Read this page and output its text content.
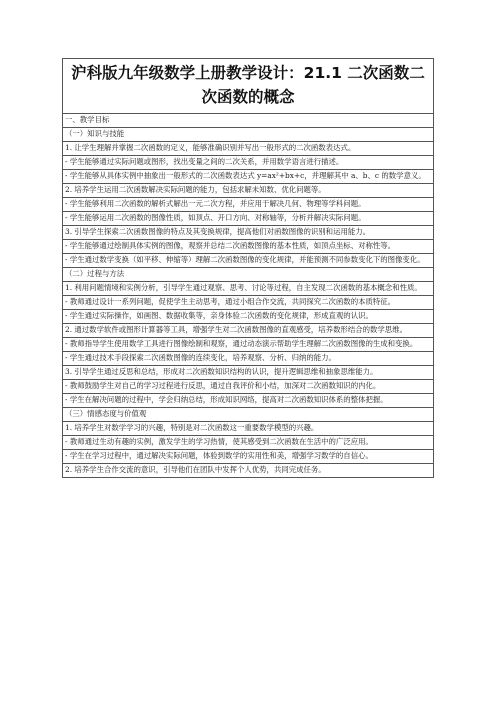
沪科版九年级数学上册教学设计：21.1 二次函数二次函数的概念
一、教学目标
（一）知识与技能
1. 让学生理解并掌握二次函数的定义，能够准确识别并写出一般形式的二次函数表达式。
- 学生能够通过实际问题或图形，找出变量之间的二次关系，并用数学语言进行描述。
- 学生能够从具体实例中抽象出一般形式的二次函数表达式 y=ax²+bx+c，并理解其中 a、b、c 的数学意义。
2. 培养学生运用二次函数解决实际问题的能力，包括求解未知数、优化问题等。
- 学生能够利用二次函数的解析式解出一元二次方程，并应用于解决几何、物理等学科问题。
- 学生能够运用二次函数的图像性质，如顶点、开口方向、对称轴等，分析并解决实际问题。
3. 引导学生探索二次函数图像的特点及其变换规律，提高他们对函数图像的识别和运用能力。
- 学生能够通过绘制具体实例的图像，观察并总结二次函数图像的基本性质，如顶点坐标、对称性等。
- 学生通过数学变换（如平移、伸缩等）理解二次函数图像的变化规律，并能预测不同参数变化下的图像变化。
（二）过程与方法
1. 利用问题情境和实例分析，引导学生通过观察、思考、讨论等过程，自主发现二次函数的基本概念和性质。
- 教师通过设计一系列问题，促使学生主动思考，通过小组合作交流，共同探究二次函数的本质特征。
- 学生通过实际操作，如画图、数据收集等，亲身体验二次函数的变化规律，形成直观的认识。
2. 通过数学软件或图形计算器等工具，增强学生对二次函数图像的直观感受，培养数形结合的数学思维。
- 教师指导学生使用数学工具进行图像绘制和观察，通过动态演示帮助学生理解二次函数图像的生成和变换。
- 学生通过技术手段探索二次函数图像的连续变化，培养观察、分析、归纳的能力。
3. 引导学生通过反思和总结，形成对二次函数知识结构的认识，提升逻辑思维和抽象思维能力。
- 教师鼓励学生对自己的学习过程进行反思，通过自我评价和小结，加深对二次函数知识的内化。
- 学生在解决问题的过程中，学会归纳总结，形成知识网络，提高对二次函数知识体系的整体把握。
（三）情感态度与价值观
1. 培养学生对数学学习的兴趣，特别是对二次函数这一重要数学模型的兴趣。
- 教师通过生动有趣的实例，激发学生的学习热情，使其感受到二次函数在生活中的广泛应用。
- 学生在学习过程中，通过解决实际问题，体验到数学的实用性和美，增强学习数学的自信心。
2. 培养学生合作交流的意识，引导他们在团队中发挥个人优势，共同完成任务。
